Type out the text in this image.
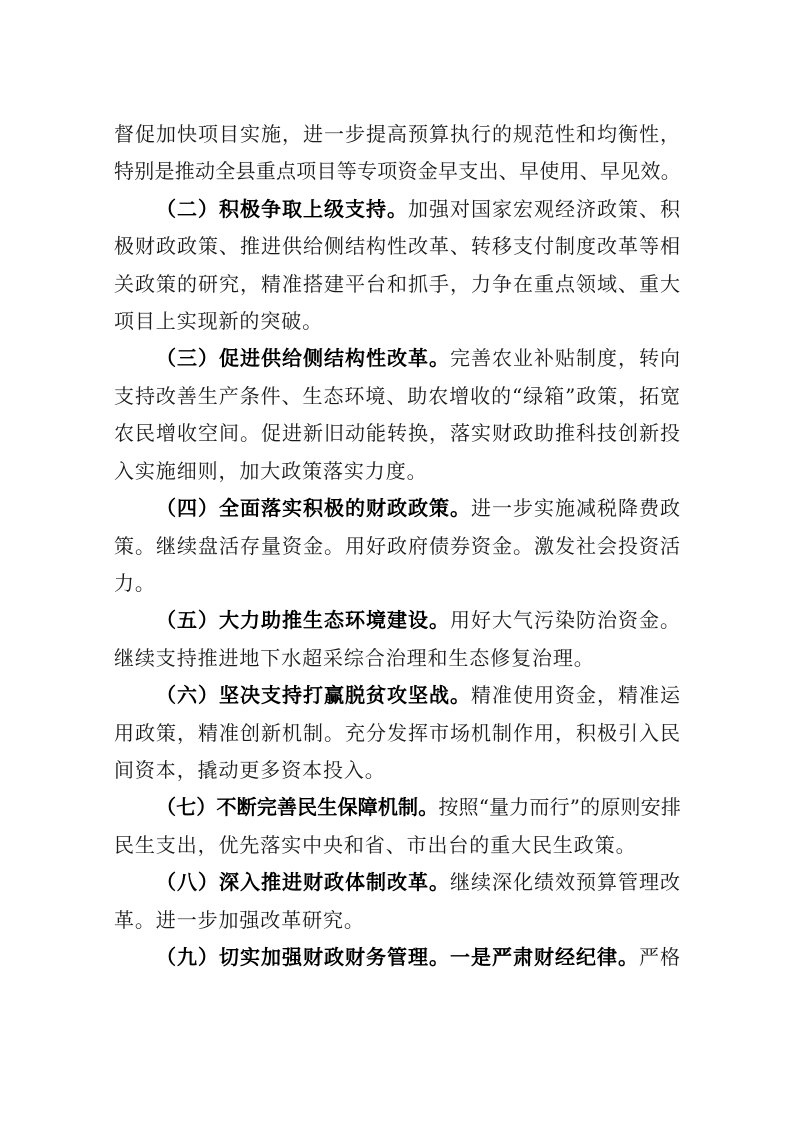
督促加快项目实施，进一步提高预算执行的规范性和均衡性，
特别是推动全县重点项目等专项资金早支出、早使用、早见效。
（二）积极争取上级支持。加强对国家宏观经济政策、积
极财政政策、推进供给侧结构性改革、转移支付制度改革等相
关政策的研究，精准搭建平台和抓手，力争在重点领域、重大
项目上实现新的突破。
（三）促进供给侧结构性改革。完善农业补贴制度，转向
支持改善生产条件、生态环境、助农增收的“绿箱”政策，拓宽
农民增收空间。促进新旧动能转换，落实财政助推科技创新投
入实施细则，加大政策落实力度。
（四）全面落实积极的财政政策。进一步实施减税降费政
策。继续盘活存量资金。用好政府债券资金。激发社会投资活
力。
（五）大力助推生态环境建设。用好大气污染防治资金。
继续支持推进地下水超采综合治理和生态修复治理。
（六）坚决支持打赢脱贫攻坚战。精准使用资金，精准运
用政策，精准创新机制。充分发挥市场机制作用，积极引入民
间资本，撬动更多资本投入。
（七）不断完善民生保障机制。按照“量力而行”的原则安排
民生支出，优先落实中央和省、市出台的重大民生政策。
（八）深入推进财政体制改革。继续深化绩效预算管理改
革。进一步加强改革研究。
（九）切实加强财政财务管理。一是严肃财经纪律。严格
